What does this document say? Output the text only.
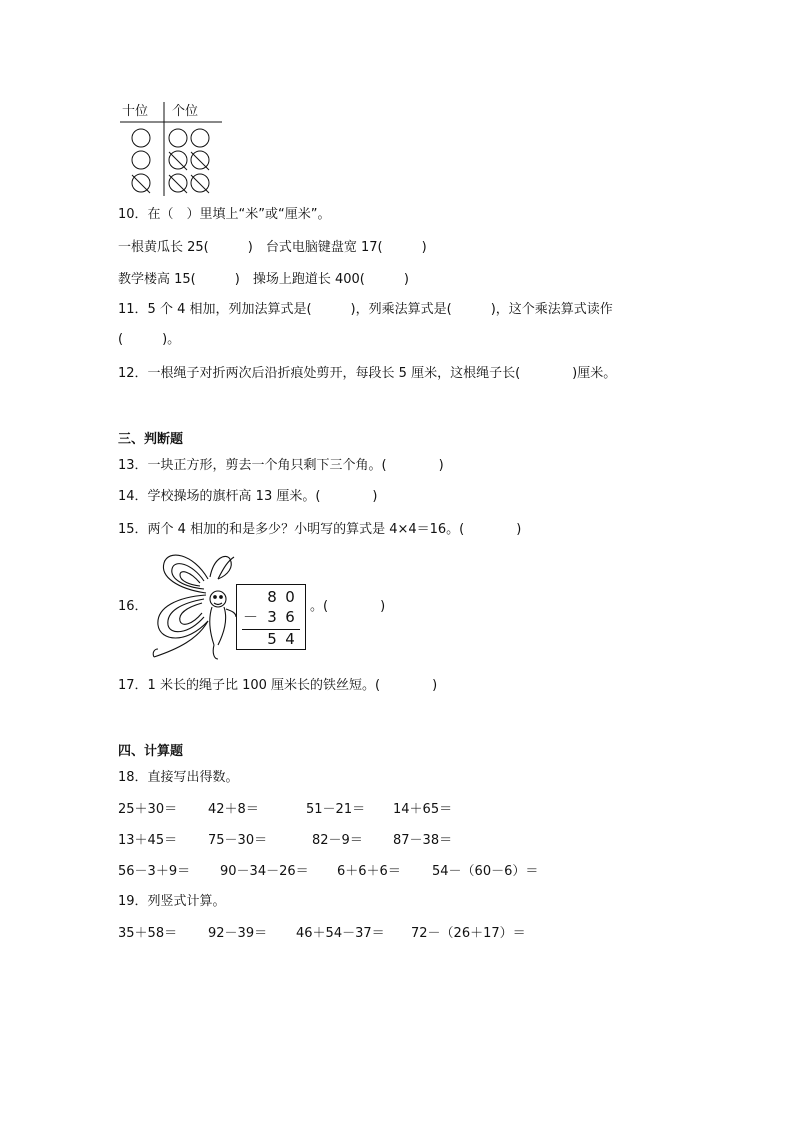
十位 个位
10．在（　）里填上“米”或“厘米”。
一根黄瓜长 25(　　　)　台式电脑键盘宽 17(　　　)
教学楼高 15(　　　)　操场上跑道长 400(　　　)
11．5 个 4 相加，列加法算式是(　　　)，列乘法算式是(　　　)，这个乘法算式读作
(　　　)。
12．一根绳子对折两次后沿折痕处剪开，每段长 5 厘米，这根绳子长(　　　　)厘米。
三、判断题
13．一块正方形，剪去一个角只剩下三个角。(　　　　)
14．学校操场的旗杆高 13 厘米。(　　　　)
15．两个 4 相加的和是多少？小明写的算式是 4×4＝16。(　　　　)
16．
8 0
－ 3 6
5 4
。(　　　　)
17．1 米长的绳子比 100 厘米长的铁丝短。(　　　　)
四、计算题
18．直接写出得数。
25＋30＝ 42＋8＝	51－21＝ 14＋65＝
13＋45＝ 75－30＝	82－9＝ 87－38＝
56－3＋9＝ 90－34－26＝ 6＋6＋6＝ 54－（60－6）＝
19．列竖式计算。
35＋58＝ 92－39＝ 46＋54－37＝ 72－（26＋17）＝
